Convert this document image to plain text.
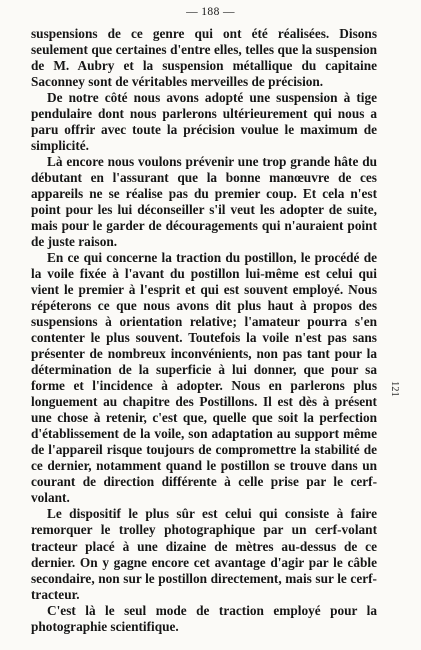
— 188 —

suspensions de ce genre qui ont été réalisées. Disons seulement que certaines d'entre elles, telles que la suspension de M. Aubry et la suspension métallique du capitaine Saconney sont de véritables merveilles de précision.

De notre côté nous avons adopté une suspension à tige pendulaire dont nous parlerons ultérieurement qui nous a paru offrir avec toute la précision voulue le maximum de simplicité.

Là encore nous voulons prévenir une trop grande hâte du débutant en l'assurant que la bonne manœuvre de ces appareils ne se réalise pas du premier coup. Et cela n'est point pour les lui déconseiller s'il veut les adopter de suite, mais pour le garder de découragements qui n'auraient point de juste raison.

En ce qui concerne la traction du postillon, le procédé de la voile fixée à l'avant du postillon lui-même est celui qui vient le premier à l'esprit et qui est souvent employé. Nous répéterons ce que nous avons dit plus haut à propos des suspensions à orientation relative; l'amateur pourra s'en contenter le plus souvent. Toutefois la voile n'est pas sans présenter de nombreux inconvénients, non pas tant pour la détermination de la superficie à lui donner, que pour sa forme et l'incidence à adopter. Nous en parlerons plus longuement au chapitre des Postillons. Il est dès à présent une chose à retenir, c'est que, quelle que soit la perfection d'établissement de la voile, son adaptation au support même de l'appareil risque toujours de compromettre la stabilité de ce dernier, notamment quand le postillon se trouve dans un courant de direction différente à celle prise par le cerf-volant.

Le dispositif le plus sûr est celui qui consiste à faire remorquer le trolley photographique par un cerf-volant tracteur placé à une dizaine de mètres au-dessus de ce dernier. On y gagne encore cet avantage d'agir par le câble secondaire, non sur le postillon directement, mais sur le cerf-tracteur.

C'est là le seul mode de traction employé pour la photographie scientifique.

121
